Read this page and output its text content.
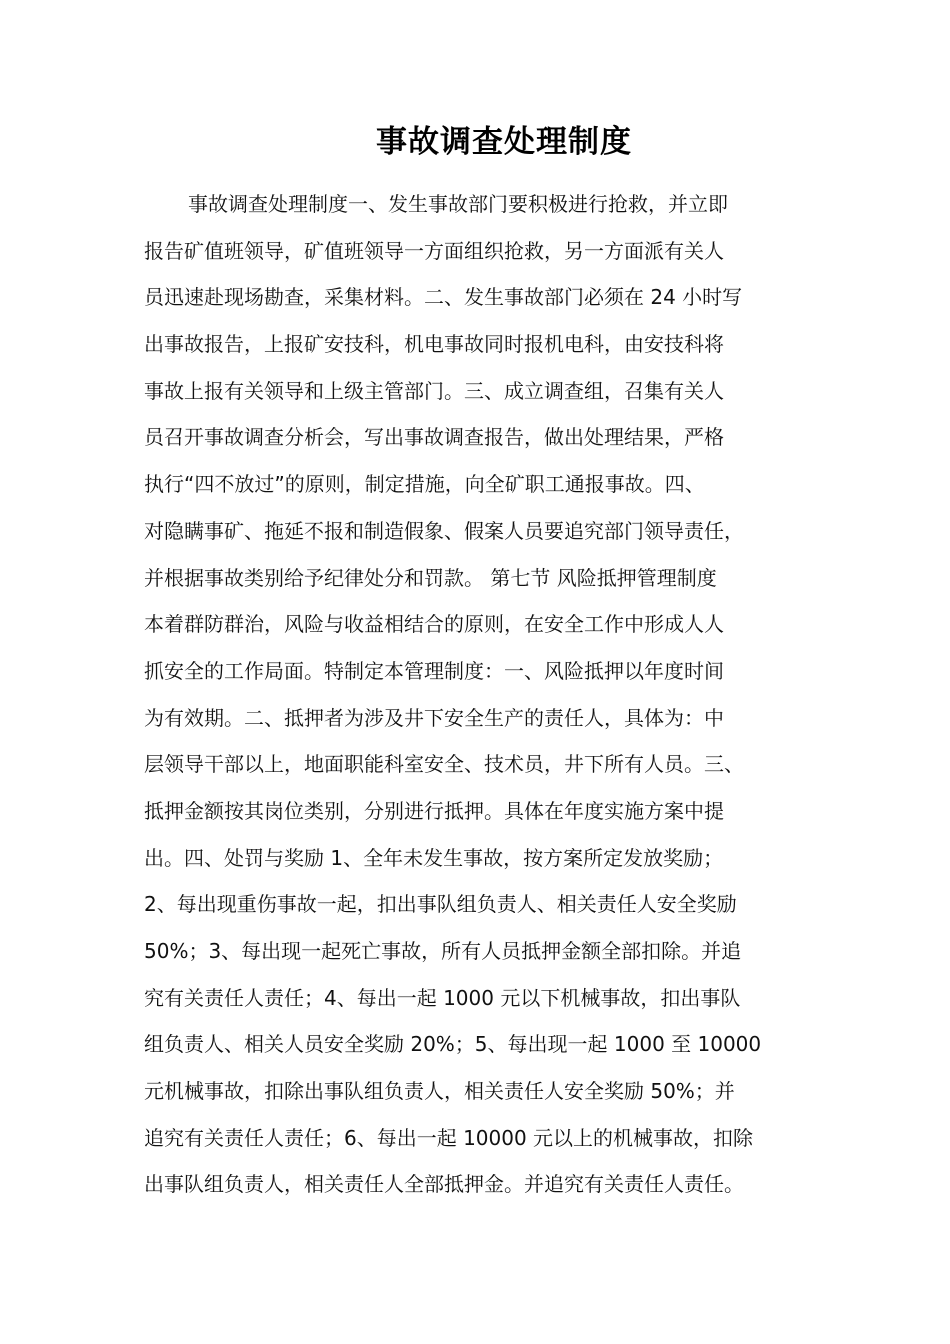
事故调查处理制度
事故调查处理制度一、发生事故部门要积极进行抢救，并立即
报告矿值班领导，矿值班领导一方面组织抢救，另一方面派有关人
员迅速赴现场勘查，采集材料。二、发生事故部门必须在 24 小时写
出事故报告，上报矿安技科，机电事故同时报机电科，由安技科将
事故上报有关领导和上级主管部门。三、成立调查组，召集有关人
员召开事故调查分析会，写出事故调查报告，做出处理结果，严格
执行“四不放过”的原则，制定措施，向全矿职工通报事故。四、
对隐瞒事矿、拖延不报和制造假象、假案人员要追究部门领导责任，
并根据事故类别给予纪律处分和罚款。 第七节 风险抵押管理制度
本着群防群治，风险与收益相结合的原则，在安全工作中形成人人
抓安全的工作局面。特制定本管理制度：一、风险抵押以年度时间
为有效期。二、抵押者为涉及井下安全生产的责任人，具体为：中
层领导干部以上，地面职能科室安全、技术员，井下所有人员。三、
抵押金额按其岗位类别，分别进行抵押。具体在年度实施方案中提
出。四、处罚与奖励 1、全年未发生事故，按方案所定发放奖励；
2、每出现重伤事故一起，扣出事队组负责人、相关责任人安全奖励
50%；3、每出现一起死亡事故，所有人员抵押金额全部扣除。并追
究有关责任人责任；4、每出一起 1000 元以下机械事故，扣出事队
组负责人、相关人员安全奖励 20%；5、每出现一起 1000 至 10000
元机械事故，扣除出事队组负责人，相关责任人安全奖励 50%；并
追究有关责任人责任；6、每出一起 10000 元以上的机械事故，扣除
出事队组负责人，相关责任人全部抵押金。并追究有关责任人责任。
